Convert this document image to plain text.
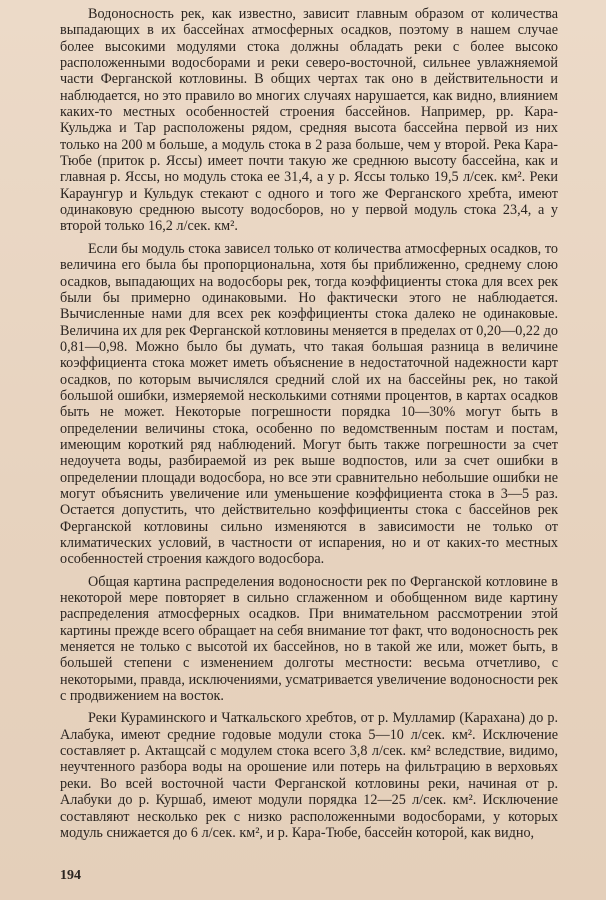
Водоносность рек, как известно, зависит главным образом от количества выпадающих в их бассейнах атмосферных осадков, поэтому в нашем случае более высокими модулями стока должны обладать реки с более высоко расположенными водосборами и реки северо-восточной, сильнее увлажняемой части Ферганской котловины. В общих чертах так оно в действительности и наблюдается, но это правило во многих случаях нарушается, как видно, влиянием каких-то местных особенностей строения бассейнов. Например, рр. Кара-Кульджа и Тар расположены рядом, средняя высота бассейна первой из них только на 200 м больше, а модуль стока в 2 раза больше, чем у второй. Река Кара-Тюбе (приток р. Яссы) имеет почти такую же среднюю высоту бассейна, как и главная р. Яссы, но модуль стока ее 31,4, а у р. Яссы только 19,5 л/сек. км². Реки Караунгур и Кульдук стекают с одного и того же Ферганского хребта, имеют одинаковую среднюю высоту водосборов, но у первой модуль стока 23,4, а у второй только 16,2 л/сек. км².

Если бы модуль стока зависел только от количества атмосферных осадков, то величина его была бы пропорциональна, хотя бы приближенно, среднему слою осадков, выпадающих на водосборы рек, тогда коэффициенты стока для всех рек были бы примерно одинаковыми. Но фактически этого не наблюдается. Вычисленные нами для всех рек коэффициенты стока далеко не одинаковые. Величина их для рек Ферганской котловины меняется в пределах от 0,20—0,22 до 0,81—0,98. Можно было бы думать, что такая большая разница в величине коэффициента стока может иметь объяснение в недостаточной надежности карт осадков, по которым вычислялся средний слой их на бассейны рек, но такой большой ошибки, измеряемой несколькими сотнями процентов, в картах осадков быть не может. Некоторые погрешности порядка 10—30% могут быть в определении величины стока, особенно по ведомственным постам и постам, имеющим короткий ряд наблюдений. Могут быть также погрешности за счет недоучета воды, разбираемой из рек выше водпостов, или за счет ошибки в определении площади водосбора, но все эти сравнительно небольшие ошибки не могут объяснить увеличение или уменьшение коэффициента стока в 3—5 раз. Остается допустить, что действительно коэффициенты стока с бассейнов рек Ферганской котловины сильно изменяются в зависимости не только от климатических условий, в частности от испарения, но и от каких-то местных особенностей строения каждого водосбора.

Общая картина распределения водоносности рек по Ферганской котловине в некоторой мере повторяет в сильно сглаженном и обобщенном виде картину распределения атмосферных осадков. При внимательном рассмотрении этой картины прежде всего обращает на себя внимание тот факт, что водоносность рек меняется не только с высотой их бассейнов, но в такой же или, может быть, в большей степени с изменением долготы местности: весьма отчетливо, с некоторыми, правда, исключениями, усматривается увеличение водоносности рек с продвижением на восток.

Реки Кураминского и Чаткальского хребтов, от р. Мулламир (Карахана) до р. Алабука, имеют средние годовые модули стока 5—10 л/сек. км². Исключение составляет р. Актащсай с модулем стока всего 3,8 л/сек. км² вследствие, видимо, неучтенного разбора воды на орошение или потерь на фильтрацию в верховьях реки. Во всей восточной части Ферганской котловины реки, начиная от р. Алабуки до р. Куршаб, имеют модули порядка 12—25 л/сек. км². Исключение составляют несколько рек с низко расположенными водосборами, у которых модуль снижается до 6 л/сек. км², и р. Кара-Тюбе, бассейн которой, как видно,

194
